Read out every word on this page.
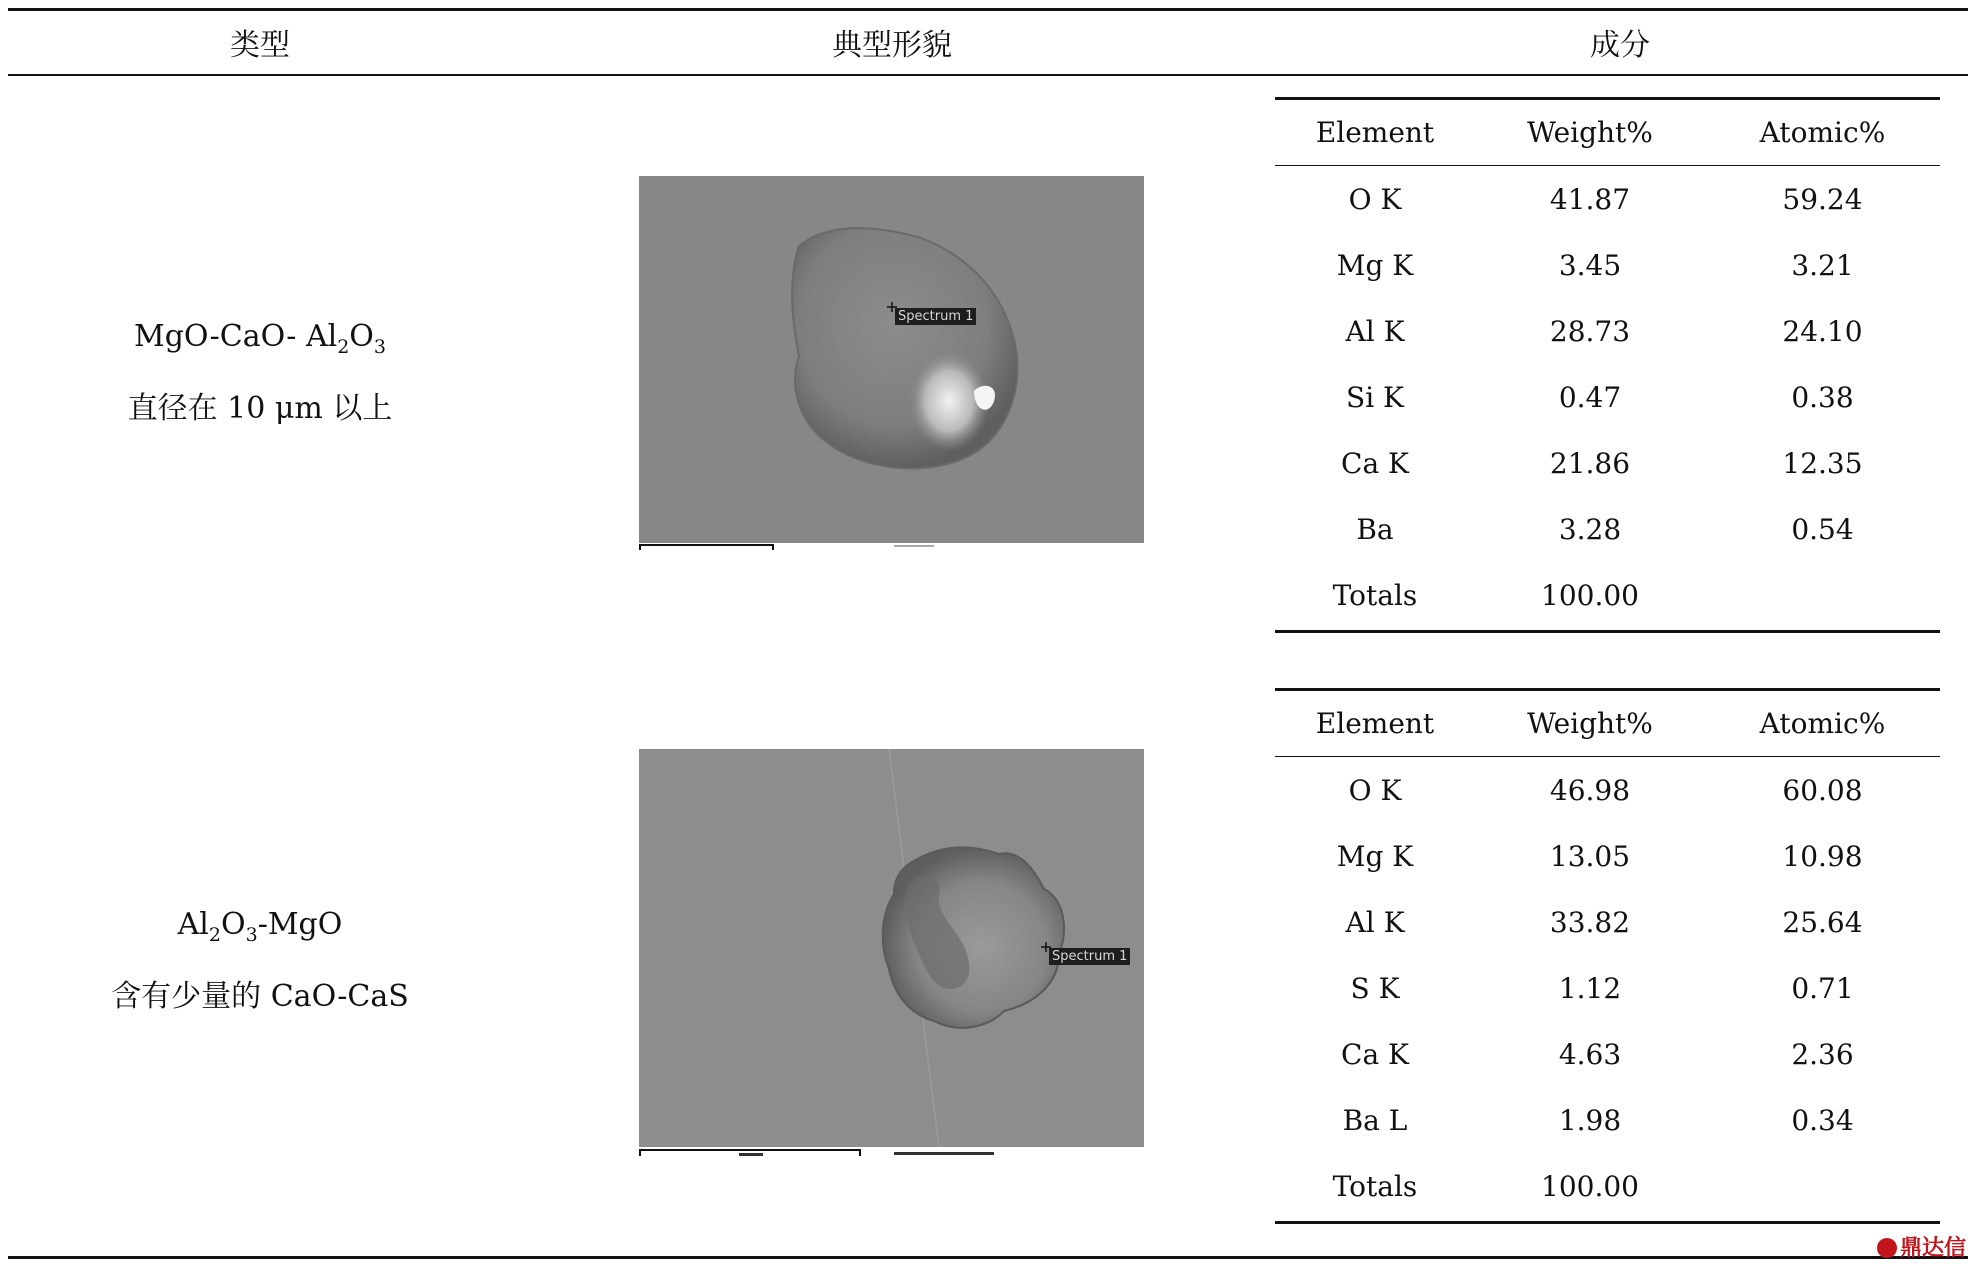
类型	典型形貌	成分
MgO-CaO- $Al_2O_3$
直径在 10 μm 以上
Spectrum 1
Element	Weight%	Atomic%
O K	41.87	59.24
Mg K	3.45	3.21
Al K	28.73	24.10
Si K	0.47	0.38
Ca K	21.86	12.35
Ba	3.28	0.54
Totals	100.00
$Al_2O_3$-MgO
含有少量的 CaO-CaS
Spectrum 1
Element	Weight%	Atomic%
O K	46.98	60.08
Mg K	13.05	10.98
Al K	33.82	25.64
S K	1.12	0.71
Ca K	4.63	2.36
Ba L	1.98	0.34
Totals	100.00
鼎达信
